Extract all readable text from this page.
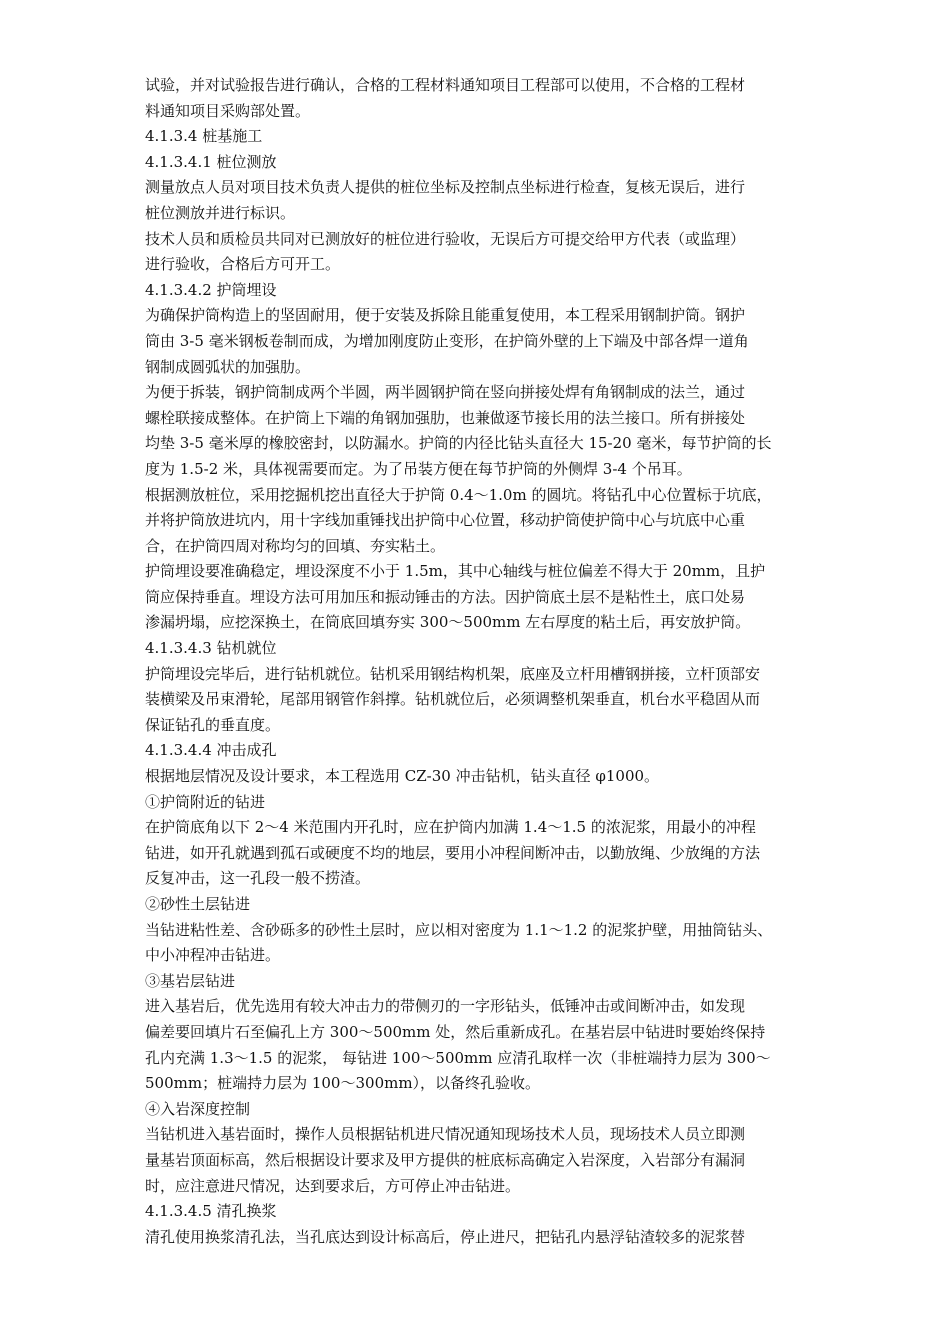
试验，并对试验报告进行确认，合格的工程材料通知项目工程部可以使用，不合格的工程材
料通知项目采购部处置。
4.1.3.4 桩基施工
4.1.3.4.1 桩位测放
测量放点人员对项目技术负责人提供的桩位坐标及控制点坐标进行检查，复核无误后，进行
桩位测放并进行标识。
技术人员和质检员共同对已测放好的桩位进行验收，无误后方可提交给甲方代表（或监理）
进行验收，合格后方可开工。
4.1.3.4.2 护筒埋设
为确保护筒构造上的坚固耐用，便于安装及拆除且能重复使用，本工程采用钢制护筒。钢护
筒由 3-5 毫米钢板卷制而成，为增加刚度防止变形，在护筒外壁的上下端及中部各焊一道角
钢制成圆弧状的加强肋。
为便于拆装，钢护筒制成两个半圆，两半圆钢护筒在竖向拼接处焊有角钢制成的法兰，通过
螺栓联接成整体。在护筒上下端的角钢加强肋，也兼做逐节接长用的法兰接口。所有拼接处
均垫 3-5 毫米厚的橡胶密封，以防漏水。护筒的内径比钻头直径大 15-20 毫米，每节护筒的长
度为 1.5-2 米，具体视需要而定。为了吊装方便在每节护筒的外侧焊 3-4 个吊耳。
根据测放桩位，采用挖掘机挖出直径大于护筒 0.4～1.0m 的圆坑。将钻孔中心位置标于坑底，
并将护筒放进坑内，用十字线加重锤找出护筒中心位置，移动护筒使护筒中心与坑底中心重
合，在护筒四周对称均匀的回填、夯实粘土。
护筒埋设要准确稳定，埋设深度不小于 1.5m，其中心轴线与桩位偏差不得大于 20mm，且护
筒应保持垂直。埋设方法可用加压和振动锤击的方法。因护筒底土层不是粘性土，底口处易
渗漏坍塌，应挖深换土，在筒底回填夯实 300～500mm 左右厚度的粘土后，再安放护筒。
4.1.3.4.3 钻机就位
护筒埋设完毕后，进行钻机就位。钻机采用钢结构机架，底座及立杆用槽钢拼接，立杆顶部安
装横梁及吊束滑轮，尾部用钢管作斜撑。钻机就位后，必须调整机架垂直，机台水平稳固从而
保证钻孔的垂直度。
4.1.3.4.4 冲击成孔
根据地层情况及设计要求，本工程选用 CZ-30 冲击钻机，钻头直径 φ1000。
①护筒附近的钻进
在护筒底角以下 2～4 米范围内开孔时，应在护筒内加满 1.4～1.5 的浓泥浆，用最小的冲程
钻进，如开孔就遇到孤石或硬度不均的地层，要用小冲程间断冲击，以勤放绳、少放绳的方法
反复冲击，这一孔段一般不捞渣。
②砂性土层钻进
当钻进粘性差、含砂砾多的砂性土层时，应以相对密度为 1.1～1.2 的泥浆护壁，用抽筒钻头、
中小冲程冲击钻进。
③基岩层钻进
进入基岩后，优先选用有较大冲击力的带侧刃的一字形钻头，低锤冲击或间断冲击，如发现
偏差要回填片石至偏孔上方 300～500mm 处，然后重新成孔。在基岩层中钻进时要始终保持
孔内充满 1.3～1.5 的泥浆， 每钻进 100～500mm 应清孔取样一次（非桩端持力层为 300～
500mm；桩端持力层为 100～300mm），以备终孔验收。
④入岩深度控制
当钻机进入基岩面时，操作人员根据钻机进尺情况通知现场技术人员，现场技术人员立即测
量基岩顶面标高，然后根据设计要求及甲方提供的桩底标高确定入岩深度，入岩部分有漏洞
时，应注意进尺情况，达到要求后，方可停止冲击钻进。
4.1.3.4.5 清孔换浆
清孔使用换浆清孔法，当孔底达到设计标高后，停止进尺，把钻孔内悬浮钻渣较多的泥浆替
